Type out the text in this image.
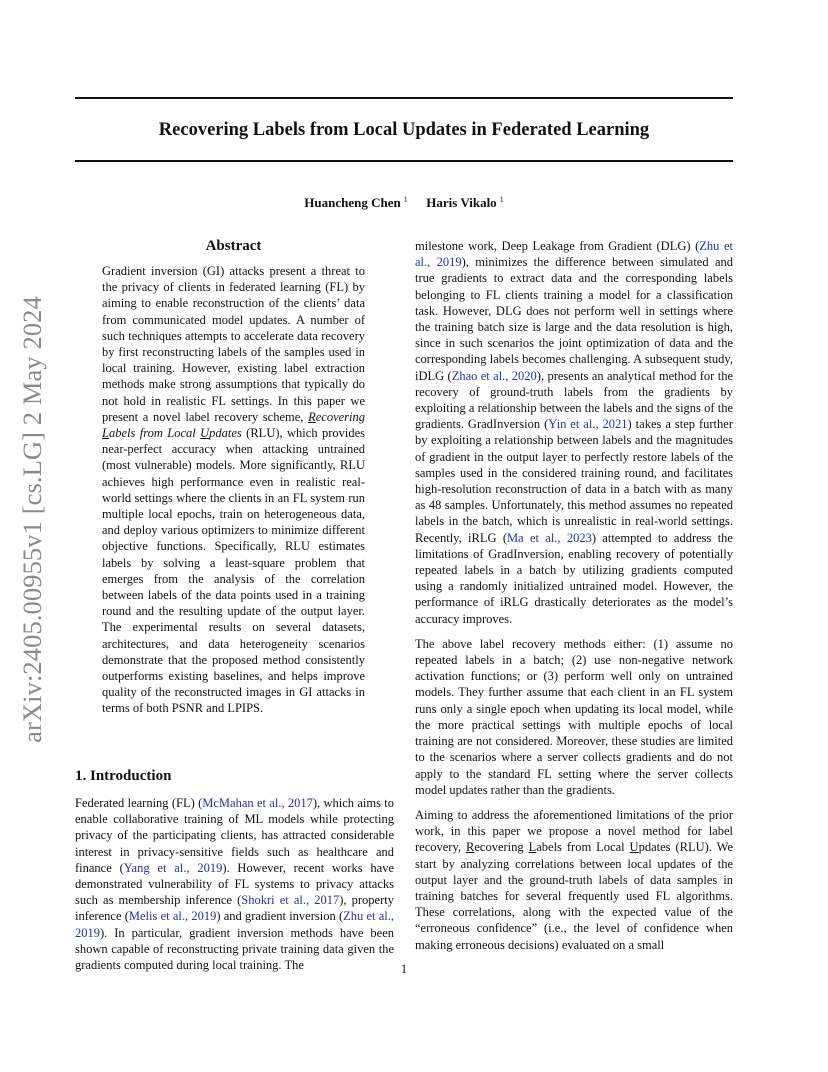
arXiv:2405.00955v1 [cs.LG] 2 May 2024
Recovering Labels from Local Updates in Federated Learning
Huancheng Chen $^1$ Haris Vikalo $^1$
Abstract

Gradient inversion (GI) attacks present a threat to the privacy of clients in federated learning (FL) by aiming to enable reconstruction of the clients’ data from communicated model updates. A number of such techniques attempts to accelerate data recovery by first reconstructing labels of the samples used in local training. However, existing label extraction methods make strong assumptions that typically do not hold in realistic FL settings. In this paper we present a novel label recovery scheme, Recovering Labels from Local Updates (RLU), which provides near-perfect accuracy when attacking untrained (most vulnerable) models. More significantly, RLU achieves high performance even in realistic real-world settings where the clients in an FL system run multiple local epochs, train on heterogeneous data, and deploy various optimizers to minimize different objective functions. Specifically, RLU estimates labels by solving a least-square problem that emerges from the analysis of the correlation between labels of the data points used in a training round and the resulting update of the output layer. The experimental results on several datasets, architectures, and data heterogeneity scenarios demonstrate that the proposed method consistently outperforms existing baselines, and helps improve quality of the reconstructed images in GI attacks in terms of both PSNR and LPIPS.

1. Introduction

Federated learning (FL) (McMahan et al., 2017), which aims to enable collaborative training of ML models while protecting privacy of the participating clients, has attracted considerable interest in privacy-sensitive fields such as healthcare and finance (Yang et al., 2019). However, recent works have demonstrated vulnerability of FL systems to privacy attacks such as membership inference (Shokri et al., 2017), property inference (Melis et al., 2019) and gradient inversion (Zhu et al., 2019). In particular, gradient inversion methods have been shown capable of reconstructing private training data given the gradients computed during local training. The

milestone work, Deep Leakage from Gradient (DLG) (Zhu et al., 2019), minimizes the difference between simulated and true gradients to extract data and the corresponding labels belonging to FL clients training a model for a classification task. However, DLG does not perform well in settings where the training batch size is large and the data resolution is high, since in such scenarios the joint optimization of data and the corresponding labels becomes challenging. A subsequent study, iDLG (Zhao et al., 2020), presents an analytical method for the recovery of ground-truth labels from the gradients by exploiting a relationship between the labels and the signs of the gradients. GradInversion (Yin et al., 2021) takes a step further by exploiting a relationship between labels and the magnitudes of gradient in the output layer to perfectly restore labels of the samples used in the considered training round, and facilitates high-resolution reconstruction of data in a batch with as many as 48 samples. Unfortunately, this method assumes no repeated labels in the batch, which is unrealistic in real-world settings. Recently, iRLG (Ma et al., 2023) attempted to address the limitations of GradInversion, enabling recovery of potentially repeated labels in a batch by utilizing gradients computed using a randomly initialized untrained model. However, the performance of iRLG drastically deteriorates as the model’s accuracy improves.

The above label recovery methods either: (1) assume no repeated labels in a batch; (2) use non-negative network activation functions; or (3) perform well only on untrained models. They further assume that each client in an FL system runs only a single epoch when updating its local model, while the more practical settings with multiple epochs of local training are not considered. Moreover, these studies are limited to the scenarios where a server collects gradients and do not apply to the standard FL setting where the server collects model updates rather than the gradients.

Aiming to address the aforementioned limitations of the prior work, in this paper we propose a novel method for label recovery, Recovering Labels from Local Updates (RLU). We start by analyzing correlations between local updates of the output layer and the ground-truth labels of data samples in training batches for several frequently used FL algorithms. These correlations, along with the expected value of the “erroneous confidence” (i.e., the level of confidence when making erroneous decisions) evaluated on a small

1
